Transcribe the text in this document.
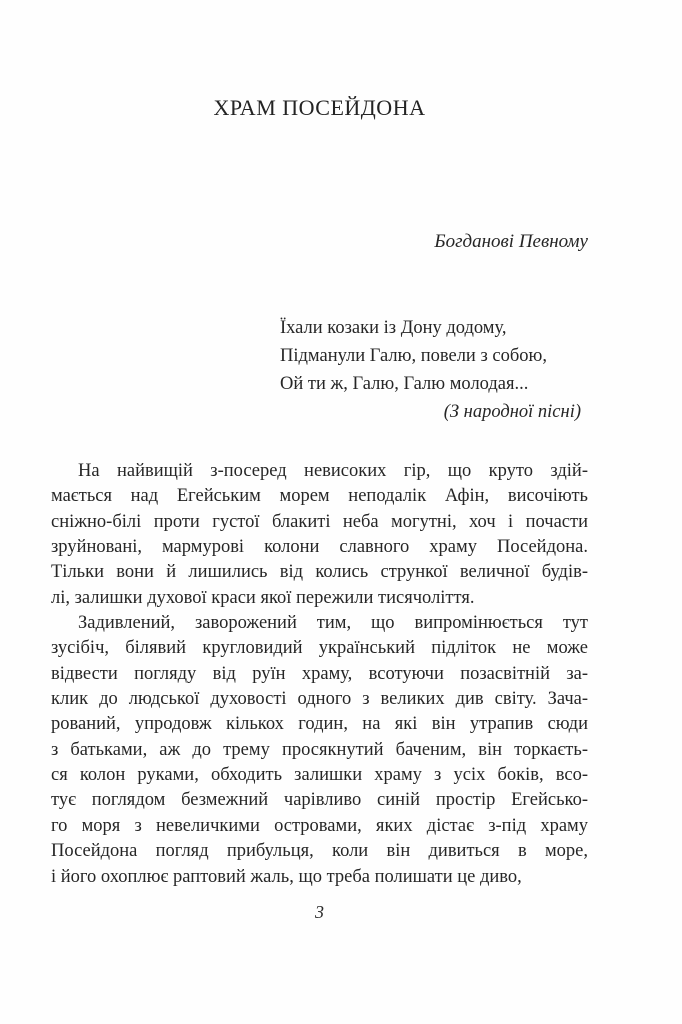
ХРАМ ПОСЕЙДОНА
Богданові Певному
Їхали козаки із Дону додому,
Підманули Галю, повели з собою,
Ой ти ж, Галю, Галю молодая...
(З народної пісні)
На найвищій з-посеред невисоких гір, що круто здій-
мається над Егейським морем неподалік Афін, височіють
сніжно-білі проти густої блакиті неба могутні, хоч і почасти
зруйновані, мармурові колони славного храму Посейдона.
Тільки вони й лишились від колись стрункої величної будів-
лі, залишки духової краси якої пережили тисячоліття.
Задивлений, заворожений тим, що випромінюється тут
зусібіч, білявий кругловидий український підліток не може
відвести погляду від руїн храму, всотуючи позасвітній за-
клик до людської духовості одного з великих див світу. Зача-
рований, упродовж кількох годин, на які він утрапив сюди
з батьками, аж до трему просякнутий баченим, він торкаєть-
ся колон руками, обходить залишки храму з усіх боків, всо-
тує поглядом безмежний чарівливо синій простір Егейсько-
го моря з невеличкими островами, яких дістає з-під храму
Посейдона погляд прибульця, коли він дивиться в море,
і його охоплює раптовий жаль, що треба полишати це диво,
3
